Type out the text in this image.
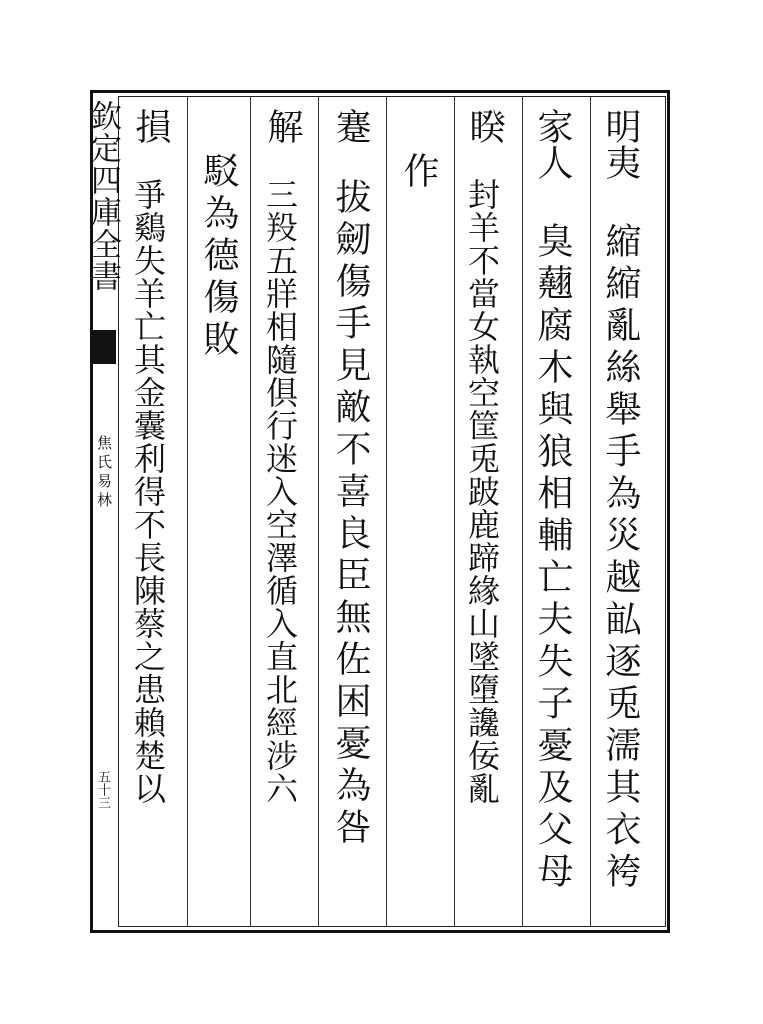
欽定四庫全書
焦氏易林
五十三
明夷
縮縮亂絲舉手為災越畆逐兎濡其衣袴
家人
臭𧄍腐木與狼相輔亡夫失子憂及父母
睽
封羊不當女執空筐兎跛鹿蹄緣山墜墮讒佞亂
作
蹇
拔劒傷手見敵不喜良臣無佐困憂為咎
解
三羖五牂相隨俱行迷入空澤循入直北經涉六
駁為德傷敗
損
爭鷄失羊亡其金囊利得不長陳蔡之患賴楚以
